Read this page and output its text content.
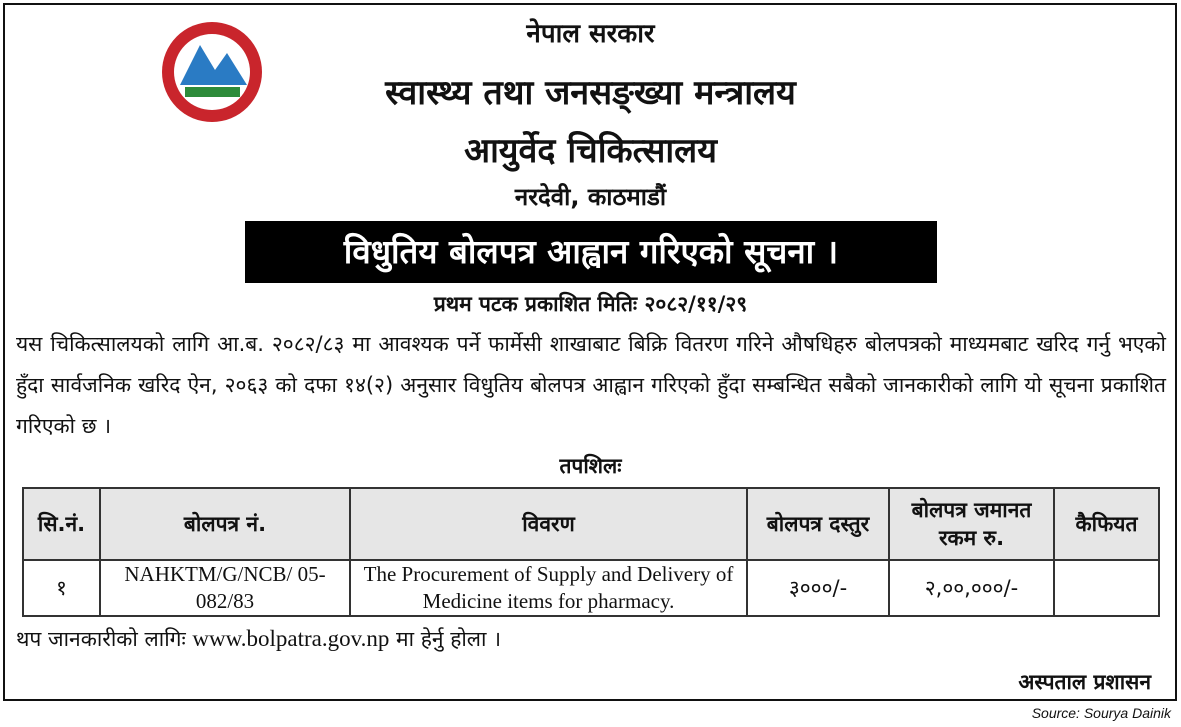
नेपाल सरकार
स्वास्थ्य तथा जनसङ्ख्या मन्त्रालय
आयुर्वेद चिकित्सालय
नरदेवी, काठमाडौं
विधुतिय बोलपत्र आह्वान गरिएको सूचना ।
प्रथम पटक प्रकाशित मितिः २०८२/११/२९
यस चिकित्सालयको लागि आ.ब. २०८२/८३ मा आवश्यक पर्ने फार्मेसी शाखाबाट बिक्रि वितरण गरिने औषधिहरु बोलपत्रको माध्यमबाट खरिद गर्नु भएको हुँदा सार्वजनिक खरिद ऐन, २०६३ को दफा १४(२) अनुसार विधुतिय बोलपत्र आह्वान गरिएको हुँदा सम्बन्धित सबैको जानकारीको लागि यो सूचना प्रकाशित गरिएको छ ।
तपशिलः
सि.नं.	बोलपत्र नं.	विवरण	बोलपत्र दस्तुर	बोलपत्र जमानत रकम रु.	कैफियत
१	NAHKTM/G/NCB/ 05-082/83	The Procurement of Supply and Delivery of Medicine items for pharmacy.	३०००/-	२,००,०००/-	
थप जानकारीको लागिः www.bolpatra.gov.np मा हेर्नु होला ।
अस्पताल प्रशासन
Source: Sourya Dainik
